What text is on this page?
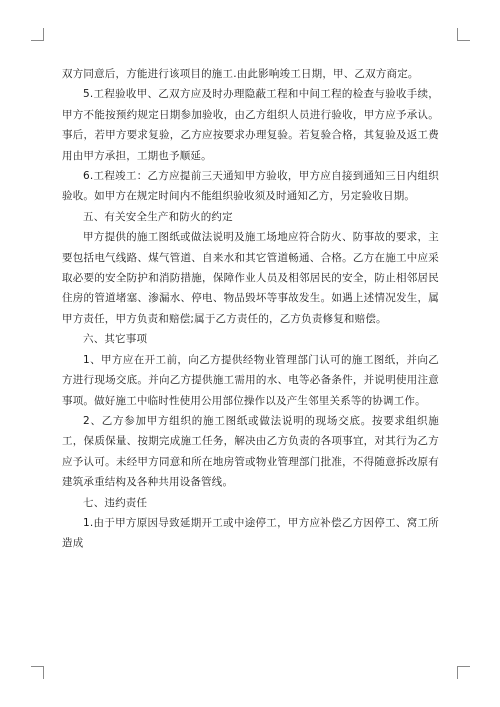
双方同意后，方能进行该项目的施工.由此影响竣工日期，甲、乙双方商定。

5.工程验收甲、乙双方应及时办理隐蔽工程和中间工程的检查与验收手续，甲方不能按预约规定日期参加验收，由乙方组织人员进行验收，甲方应予承认。事后，若甲方要求复验，乙方应按要求办理复验。若复验合格，其复验及返工费用由甲方承担，工期也予顺延。

6.工程竣工：乙方应提前三天通知甲方验收，甲方应自接到通知三日内组织验收。如甲方在规定时间内不能组织验收须及时通知乙方，另定验收日期。

五、有关安全生产和防火的约定

甲方提供的施工图纸或做法说明及施工场地应符合防火、防事故的要求，主要包括电气线路、煤气管道、自来水和其它管道畅通、合格。乙方在施工中应采取必要的安全防护和消防措施，保障作业人员及相邻居民的安全，防止相邻居民住房的管道堵塞、渗漏水、停电、物品毁坏等事故发生。如遇上述情况发生，属甲方责任，甲方负责和赔偿;属于乙方责任的，乙方负责修复和赔偿。

六、其它事项

1、甲方应在开工前，向乙方提供经物业管理部门认可的施工图纸，并向乙方进行现场交底。并向乙方提供施工需用的水、电等必备条件，并说明使用注意事项。做好施工中临时性使用公用部位操作以及产生邻里关系等的协调工作。

2、乙方参加甲方组织的施工图纸或做法说明的现场交底。按要求组织施工，保质保量、按期完成施工任务，解决由乙方负责的各项事宜，对其行为乙方应予认可。未经甲方同意和所在地房管或物业管理部门批准，不得随意拆改原有建筑承重结构及各种共用设备管线。

七、违约责任

1.由于甲方原因导致延期开工或中途停工，甲方应补偿乙方因停工、窝工所造成
